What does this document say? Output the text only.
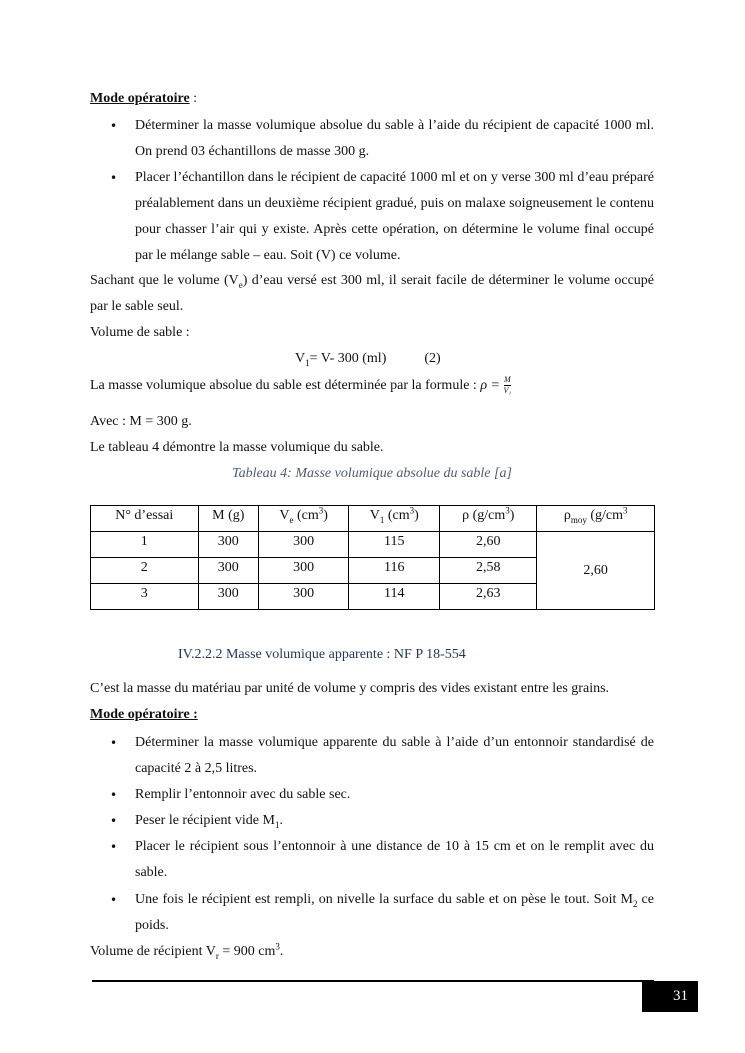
Mode opératoire :
• Déterminer la masse volumique absolue du sable à l’aide du récipient de capacité 1000 ml. On prend 03 échantillons de masse 300 g.
• Placer l’échantillon dans le récipient de capacité 1000 ml et on y verse 300 ml d’eau préparé préalablement dans un deuxième récipient gradué, puis on malaxe soigneusement le contenu pour chasser l’air qui y existe. Après cette opération, on détermine le volume final occupé par le mélange sable – eau. Soit (V) ce volume.
Sachant que le volume $(V_e)$ d’eau versé est 300 ml, il serait facile de déterminer le volume occupé par le sable seul.
Volume de sable :
$V_1= V-$ 300 (ml)	(2)
La masse volumique absolue du sable est déterminée par la formule : $\rho = \frac{M}{\text{V₁}}$
Avec : M = 300 g.
Le tableau 4 démontre la masse volumique du sable.
Tableau 4: Masse volumique absolue du sable [a]
N° d’essai	M (g)	$V_e$ $(cm^3)$	$V_1$ $(cm^3)$	ρ $(g/cm^3)$	$\rho_{moy}$ ($g/cm^3$
1	300	300	115	2,60	2,60
2	300	300	116	2,58	
3	300	300	114	2,63	
IV.2.2.2 Masse volumique apparente : NF P 18-554
C’est la masse du matériau par unité de volume y compris des vides existant entre les grains.
Mode opératoire :
• Déterminer la masse volumique apparente du sable à l’aide d’un entonnoir standardisé de capacité 2 à 2,5 litres.
• Remplir l’entonnoir avec du sable sec.
• Peser le récipient vide $M_1$.
• Placer le récipient sous l’entonnoir à une distance de 10 à 15 cm et on le remplit avec du sable.
• Une fois le récipient est rempli, on nivelle la surface du sable et on pèse le tout. Soit $M_2$ ce poids.
Volume de récipient $V_r = 900$ $cm^3$.
31
